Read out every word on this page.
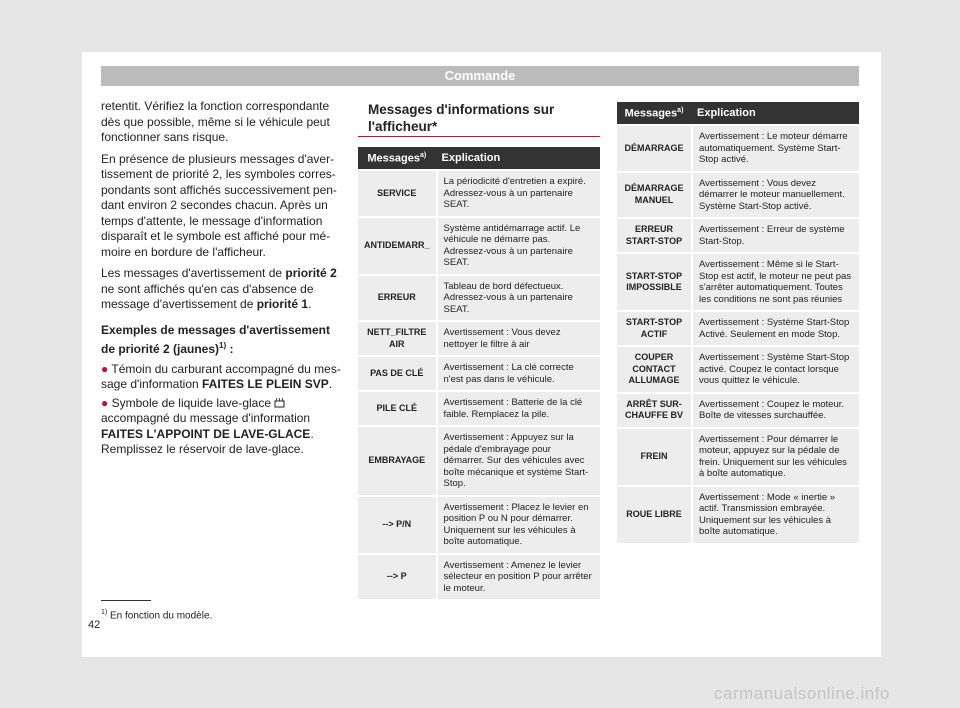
Commande

retentit. Vérifiez la fonction correspondante dès que possible, même si le véhicule peut fonctionner sans risque.

En présence de plusieurs messages d'avertissement de priorité 2, les symboles correspondants sont affichés successivement pendant environ 2 secondes chacun. Après un temps d'attente, le message d'information disparaît et le symbole est affiché pour mémoire en bordure de l'afficheur.

Les messages d'avertissement de priorité 2 ne sont affichés qu'en cas d'absence de message d'avertissement de priorité 1.

Exemples de messages d'avertissement de priorité 2 (jaunes)$^{1)}$ :

● Témoin du carburant accompagné du message d'information FAITES LE PLEIN SVP.

● Symbole de liquide lave-glace  accompagné du message d'information FAITES L'APPOINT DE LAVE-GLACE. Remplissez le réservoir de lave-glace.

Messages d'informations sur l'afficheur*
Messages$^{a)}$	Explication
SERVICE	La périodicité d'entretien a expiré. Adressez-vous à un partenaire SEAT.
ANTIDEMARR_	Système antidémarrage actif. Le véhicule ne démarre pas. Adressez-vous à un partenaire SEAT.
ERREUR	Tableau de bord défectueux. Adressez-vous à un partenaire SEAT.
NETT_FILTRE AIR	Avertissement : Vous devez nettoyer le filtre à air
PAS DE CLÉ	Avertissement : La clé correcte n'est pas dans le véhicule.
PILE CLÉ	Avertissement : Batterie de la clé faible. Remplacez la pile.
EMBRAYAGE	Avertissement : Appuyez sur la pédale d'embrayage pour démarrer. Sur des véhicules avec boîte mécanique et système Start-Stop.
--> P/N	Avertissement : Placez le levier en position P ou N pour démarrer. Uniquement sur les véhicules à boîte automatique.
--> P	Avertissement : Amenez le levier sélecteur en position P pour arrêter le moteur.
Messages$^{a)}$	Explication
DÉMARRAGE	Avertissement : Le moteur démarre automatiquement. Système Start-Stop activé.
DÉMARRAGE MANUEL	Avertissement : Vous devez démarrer le moteur manuellement. Système Start-Stop activé.
ERREUR START-STOP	Avertissement : Erreur de système Start-Stop.
START-STOP IMPOSSIBLE	Avertissement : Même si le Start-Stop est actif, le moteur ne peut pas s'arrêter automatiquement. Toutes les conditions ne sont pas réunies
START-STOP ACTIF	Avertissement : Système Start-Stop Activé. Seulement en mode Stop.
COUPER CONTACT ALLUMAGE	Avertissement : Système Start-Stop activé. Coupez le contact lorsque vous quittez le véhicule.
ARRÊT SURCHAUFFE BV	Avertissement : Coupez le moteur. Boîte de vitesses surchauffée.
FREIN	Avertissement : Pour démarrer le moteur, appuyez sur la pédale de frein. Uniquement sur les véhicules à boîte automatique.
ROUE LIBRE	Avertissement : Mode « inertie » actif. Transmission embrayée. Uniquement sur les véhicules à boîte automatique.
$^{1)}$ En fonction du modèle.
42
carmanualsonline.info
